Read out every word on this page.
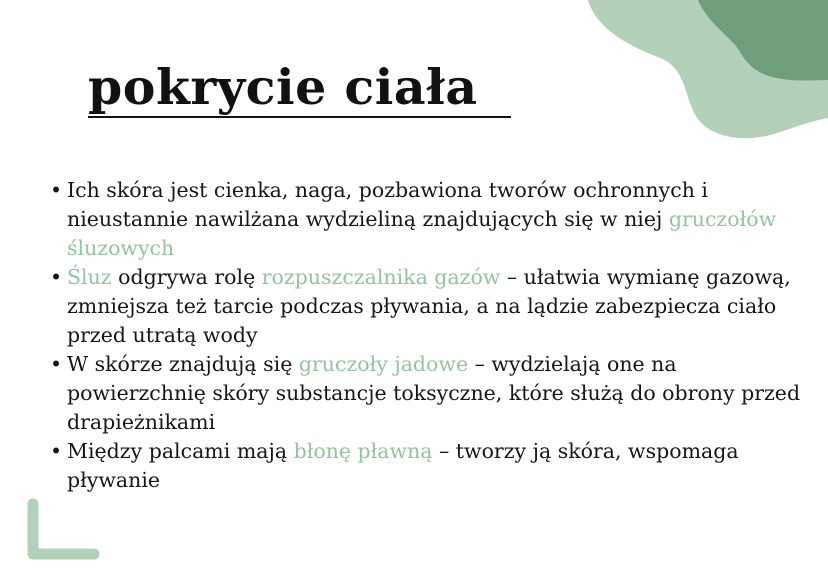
pokrycie ciała
• Ich skóra jest cienka, naga, pozbawiona tworów ochronnych i nieustannie nawilżana wydzieliną znajdujących się w niej gruczołów śluzowych
• Śluz odgrywa rolę rozpuszczalnika gazów – ułatwia wymianę gazową, zmniejsza też tarcie podczas pływania, a na lądzie zabezpiecza ciało przed utratą wody
• W skórze znajdują się gruczoły jadowe – wydzielają one na powierzchnię skóry substancje toksyczne, które służą do obrony przed drapieżnikami
• Między palcami mają błonę pławną – tworzy ją skóra, wspomaga pływanie
